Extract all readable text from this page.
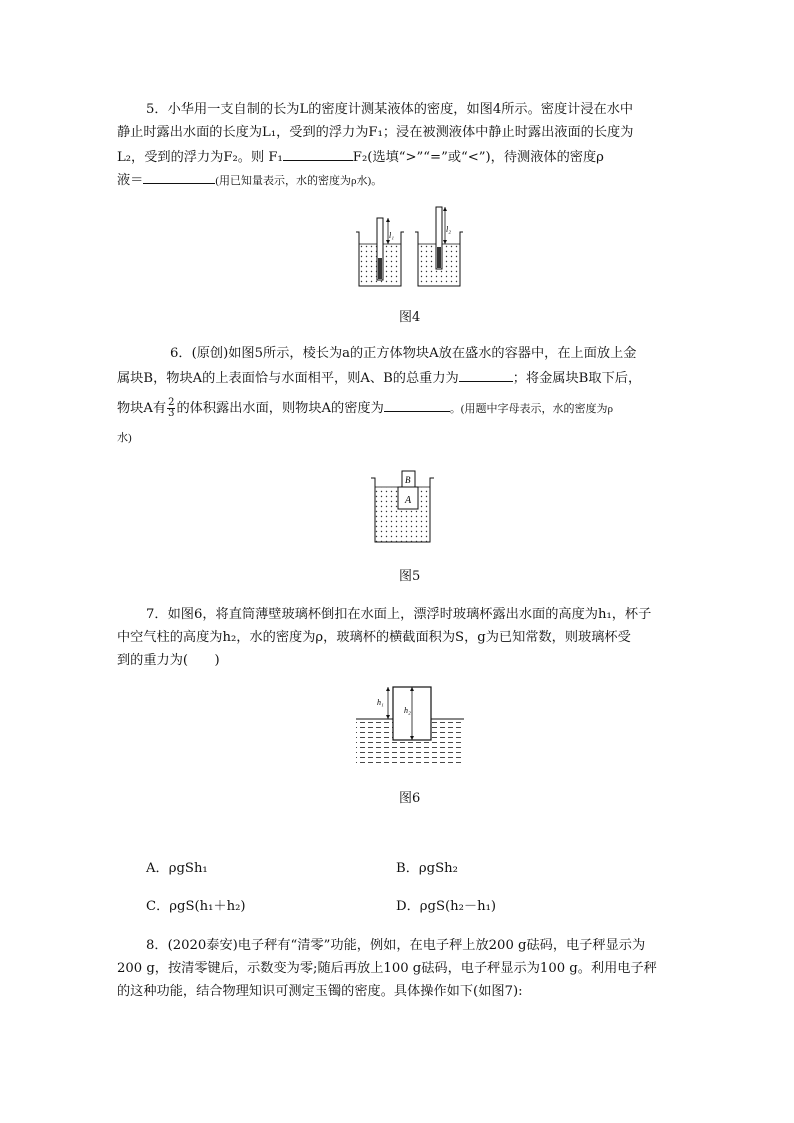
5．小华用一支自制的长为L的密度计测某液体的密度，如图4所示。密度计浸在水中
静止时露出水面的长度为L₁，受到的浮力为F₁；浸在被测液体中静止时露出液面的长度为
L₂，受到的浮力为F₂。则 F₁	F₂(选填“>”“=”或“<”)，待测液体的密度ρ
液＝	(用已知量表示，水的密度为ρ水)。
l₁
l₂
图4
6．(原创)如图5所示，棱长为a的正方体物块A放在盛水的容器中，在上面放上金
属块B，物块A的上表面恰与水面相平，则A、B的总重力为	；将金属块B取下后，
物块A有 $\frac{2}{3}$ 的体积露出水面，则物块A的密度为	。(用题中字母表示，水的密度为ρ
水)
A
B
图5
7．如图6，将直筒薄壁玻璃杯倒扣在水面上，漂浮时玻璃杯露出水面的高度为h₁，杯子
中空气柱的高度为h₂，水的密度为ρ，玻璃杯的横截面积为S，g为已知常数，则玻璃杯受
到的重力为(　　)
h₁
h₂
图6
A．ρgSh₁	B．ρgSh₂
C．ρgS(h₁＋h₂)	D．ρgS(h₂－h₁)
8．(2020泰安)电子秤有“清零”功能，例如，在电子秤上放200 g砝码，电子秤显示为
200 g，按清零键后，示数变为零;随后再放上100 g砝码，电子秤显示为100 g。利用电子秤
的这种功能，结合物理知识可测定玉镯的密度。具体操作如下(如图7):
